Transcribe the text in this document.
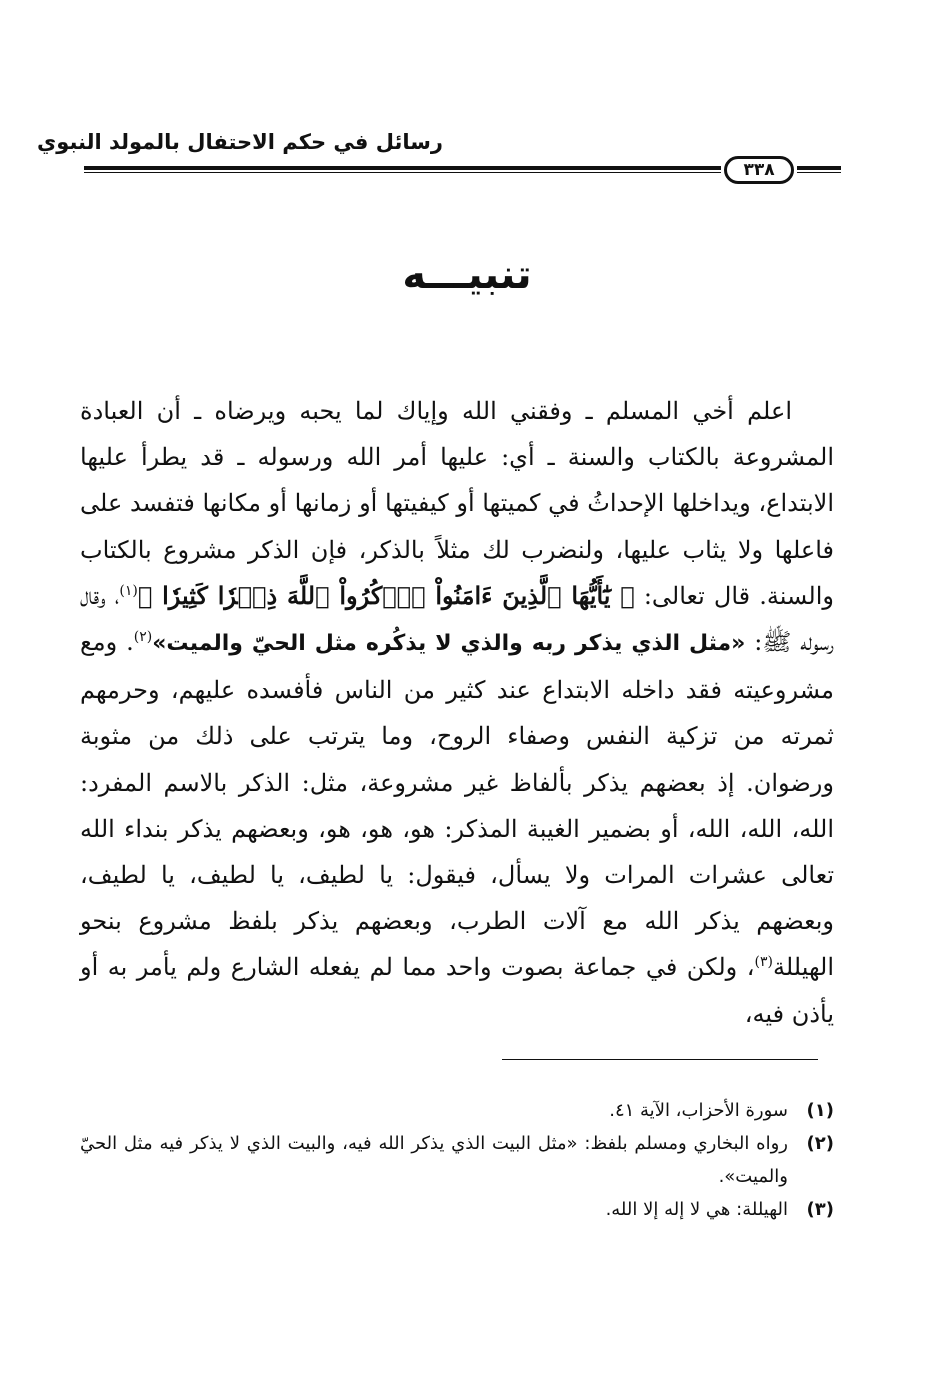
رسائل في حكم الاحتفال بالمولد النبوي
٣٣٨
تنبيـــه

اعلم أخي المسلم ـ وفقني الله وإياك لما يحبه ويرضاه ـ أن العبادة المشروعة بالكتاب والسنة ـ أي: عليها أمر الله ورسوله ـ قد يطرأ عليها الابتداع، ويداخلها الإحداثُ في كميتها أو كيفيتها أو زمانها أو مكانها فتفسد على فاعلها ولا يثاب عليها، ولنضرب لك مثلاً بالذكر، فإن الذكر مشروع بالكتاب والسنة. قال تعالى: ﴿ يَٰٓأَيُّهَا ٱلَّذِينَ ءَامَنُواْ ٱذۡكُرُواْ ٱللَّهَ ذِكۡرٗا كَثِيرٗا ﴾$^{(١)}$، وقال رسوله ﷺ: «مثل الذي يذكر ربه والذي لا يذكُره مثل الحيّ والميت»$^{(٢)}$. ومع مشروعيته فقد داخله الابتداع عند كثير من الناس فأفسده عليهم، وحرمهم ثمرته من تزكية النفس وصفاء الروح، وما يترتب على ذلك من مثوبة ورضوان. إذ بعضهم يذكر بألفاظ غير مشروعة، مثل: الذكر بالاسم المفرد: الله، الله، الله، أو بضمير الغيبة المذكر: هو، هو، هو، وبعضهم يذكر بنداء الله تعالى عشرات المرات ولا يسأل، فيقول: يا لطيف، يا لطيف، يا لطيف، وبعضهم يذكر الله مع آلات الطرب، وبعضهم يذكر بلفظ مشروع بنحو الهيللة$^{(٣)}$، ولكن في جماعة بصوت واحد مما لم يفعله الشارع ولم يأمر به أو يأذن فيه،

(١)
سورة الأحزاب، الآية ٤١.
(٢)
رواه البخاري ومسلم بلفظ: «مثل البيت الذي يذكر الله فيه، والبيت الذي لا يذكر فيه مثل الحيّ والميت».
(٣)
الهيللة: هي لا إله إلا الله.
